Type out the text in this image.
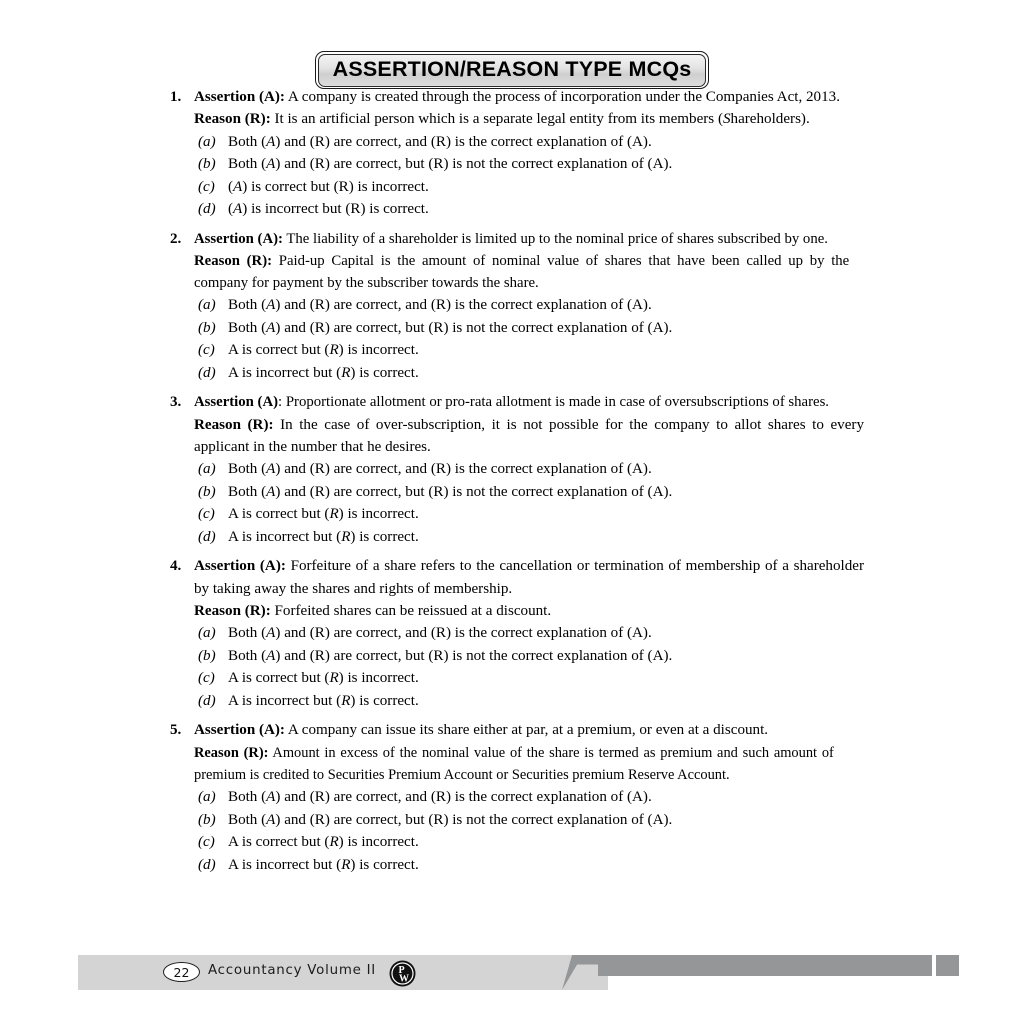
ASSERTION/REASON TYPE MCQs
1. Assertion (A): A company is created through the process of incorporation under the Companies Act, 2013.

Reason (R): It is an artificial person which is a separate legal entity from its members (Shareholders).

(a) Both (A) and (R) are correct, and (R) is the correct explanation of (A).
(b) Both (A) and (R) are correct, but (R) is not the correct explanation of (A).
(c) (A) is correct but (R) is incorrect.
(d) (A) is incorrect but (R) is correct.
2. Assertion (A): The liability of a shareholder is limited up to the nominal price of shares subscribed by one.

Reason (R): Paid-up Capital is the amount of nominal value of shares that have been called up by the company for payment by the subscriber towards the share.

(a) Both (A) and (R) are correct, and (R) is the correct explanation of (A).
(b) Both (A) and (R) are correct, but (R) is not the correct explanation of (A).
(c) A is correct but (R) is incorrect.
(d) A is incorrect but (R) is correct.
3. Assertion (A): Proportionate allotment or pro-rata allotment is made in case of oversubscriptions of shares.

Reason (R): In the case of over-subscription, it is not possible for the company to allot shares to every applicant in the number that he desires.

(a) Both (A) and (R) are correct, and (R) is the correct explanation of (A).
(b) Both (A) and (R) are correct, but (R) is not the correct explanation of (A).
(c) A is correct but (R) is incorrect.
(d) A is incorrect but (R) is correct.
4. Assertion (A): Forfeiture of a share refers to the cancellation or termination of membership of a shareholder by taking away the shares and rights of membership.

Reason (R): Forfeited shares can be reissued at a discount.

(a) Both (A) and (R) are correct, and (R) is the correct explanation of (A).
(b) Both (A) and (R) are correct, but (R) is not the correct explanation of (A).
(c) A is correct but (R) is incorrect.
(d) A is incorrect but (R) is correct.
5. Assertion (A): A company can issue its share either at par, at a premium, or even at a discount.

Reason (R): Amount in excess of the nominal value of the share is termed as premium and such amount of premium is credited to Securities Premium Account or Securities premium Reserve Account.

(a) Both (A) and (R) are correct, and (R) is the correct explanation of (A).
(b) Both (A) and (R) are correct, but (R) is not the correct explanation of (A).
(c) A is correct but (R) is incorrect.
(d) A is incorrect but (R) is correct.
22	Accountancy Volume II P
W
